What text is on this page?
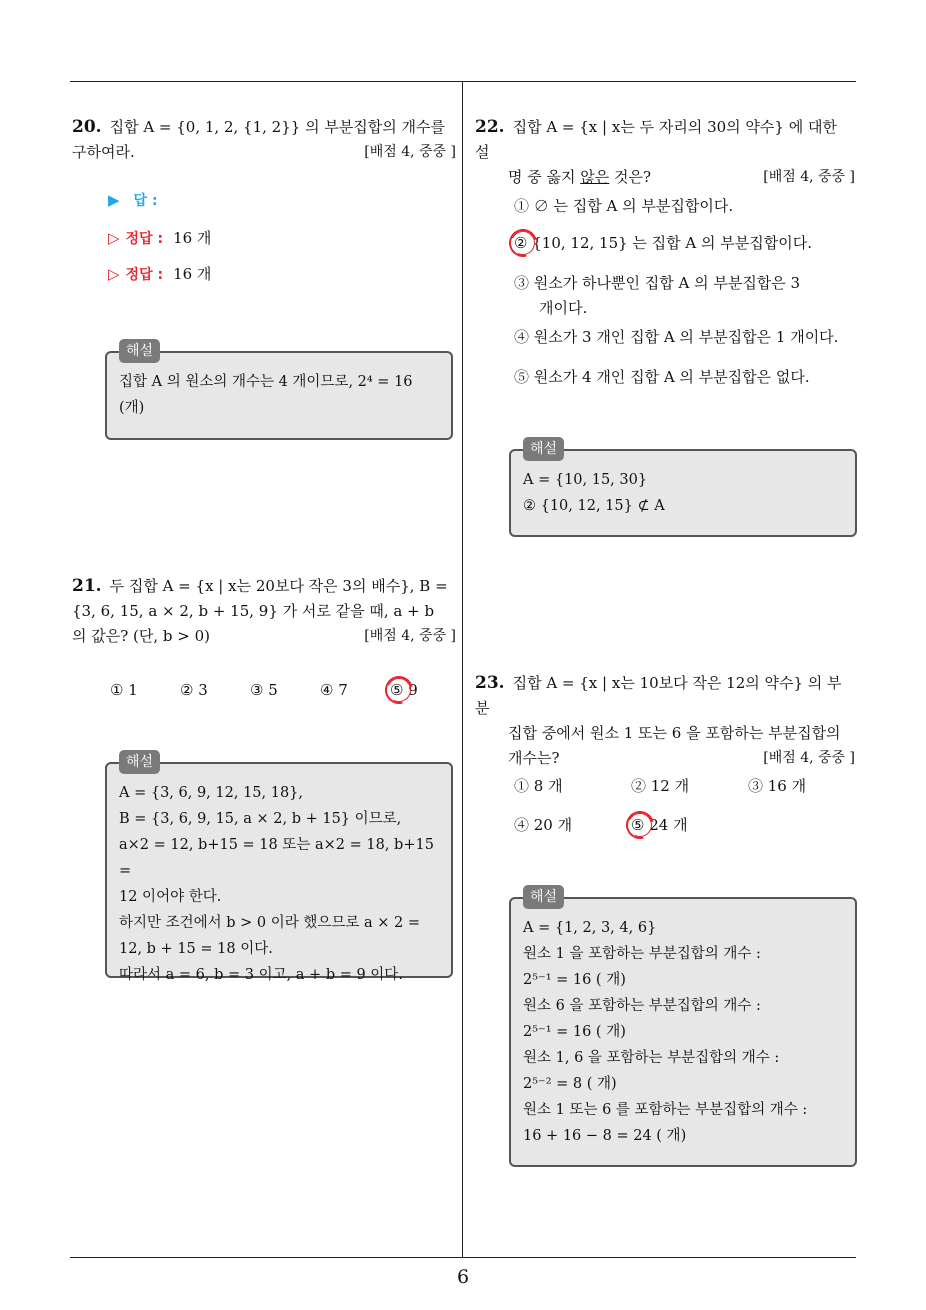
20. 집합 A = {0, 1, 2, {1, 2}} 의 부분집합의 개수를
구하여라.	[배점 4, 중중 ]
▶ 답 :
▷ 정답 : 16 개
▷ 정답 : 16 개
해설
집합 A 의 원소의 개수는 4 개이므로, 2⁴ = 16
(개)
21. 두 집합 A = {x | x는 20보다 작은 3의 배수}, B =
{3, 6, 15, a × 2, b + 15, 9} 가 서로 같을 때, a + b
의 값은? (단, b > 0)	[배점 4, 중중 ]
① 1	② 3	③ 5	④ 7	⑤ 9
해설
A = {3, 6, 9, 12, 15, 18},
B = {3, 6, 9, 15, a × 2, b + 15} 이므로,
a×2 = 12, b+15 = 18 또는 a×2 = 18, b+15 =
12 이어야 한다.
하지만 조건에서 b > 0 이라 했으므로 a × 2 =
12, b + 15 = 18 이다.
따라서 a = 6, b = 3 이고, a + b = 9 이다.
22. 집합 A = {x | x는 두 자리의 30의 약수} 에 대한 설
명 중 옳지 않은 것은?	[배점 4, 중중 ]
① ∅ 는 집합 A 의 부분집합이다.
② {10, 12, 15} 는 집합 A 의 부분집합이다.
③ 원소가 하나뿐인 집합 A 의 부분집합은 3
개이다.
④ 원소가 3 개인 집합 A 의 부분집합은 1 개이다.
⑤ 원소가 4 개인 집합 A 의 부분집합은 없다.
해설
A = {10, 15, 30}
② {10, 12, 15} ⊄ A
23. 집합 A = {x | x는 10보다 작은 12의 약수} 의 부분
집합 중에서 원소 1 또는 6 을 포함하는 부분집합의
개수는?	[배점 4, 중중 ]
① 8 개	② 12 개	③ 16 개
④ 20 개	⑤ 24 개
해설
A = {1, 2, 3, 4, 6}
원소 1 을 포함하는 부분집합의 개수 :
2⁵⁻¹ = 16 ( 개)
원소 6 을 포함하는 부분집합의 개수 :
2⁵⁻¹ = 16 ( 개)
원소 1, 6 을 포함하는 부분집합의 개수 :
2⁵⁻² = 8 ( 개)
원소 1 또는 6 를 포함하는 부분집합의 개수 :
16 + 16 − 8 = 24 ( 개)
6
